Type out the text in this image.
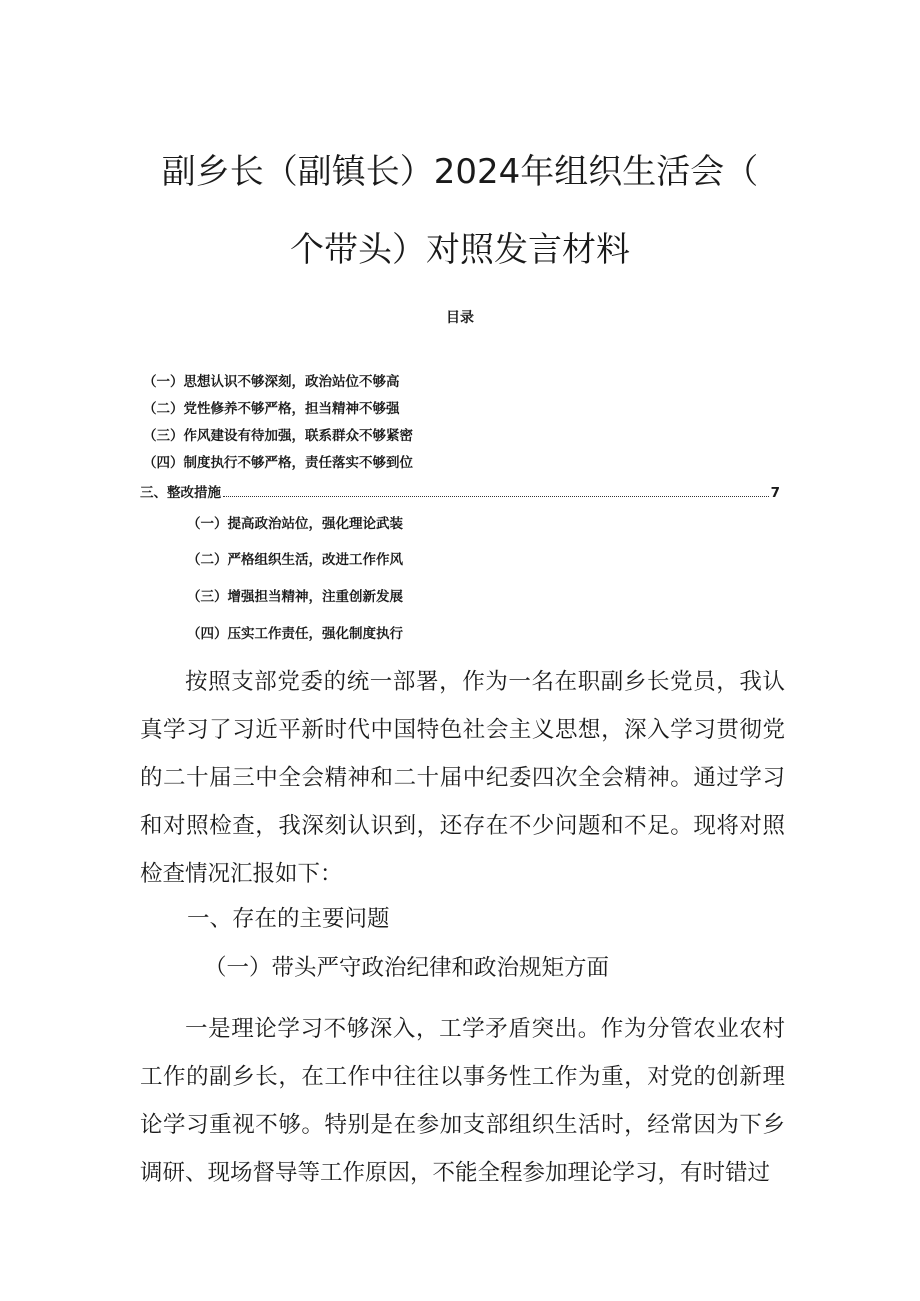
副乡长（副镇长）2024年组织生活会（
个带头）对照发言材料
目录
（一）思想认识不够深刻，政治站位不够高
（二）党性修养不够严格，担当精神不够强
（三）作风建设有待加强，联系群众不够紧密
（四）制度执行不够严格，责任落实不够到位
三、整改措施	7
（一）提高政治站位，强化理论武装
（二）严格组织生活，改进工作作风
（三）增强担当精神，注重创新发展
（四）压实工作责任，强化制度执行

按照支部党委的统一部署，作为一名在职副乡长党员，我认真学习了习近平新时代中国特色社会主义思想，深入学习贯彻党的二十届三中全会精神和二十届中纪委四次全会精神。通过学习和对照检查，我深刻认识到，还存在不少问题和不足。现将对照检查情况汇报如下：

一、存在的主要问题

（一）带头严守政治纪律和政治规矩方面

一是理论学习不够深入，工学矛盾突出。作为分管农业农村工作的副乡长，在工作中往往以事务性工作为重，对党的创新理论学习重视不够。特别是在参加支部组织生活时，经常因为下乡调研、现场督导等工作原因，不能全程参加理论学习，有时错过
